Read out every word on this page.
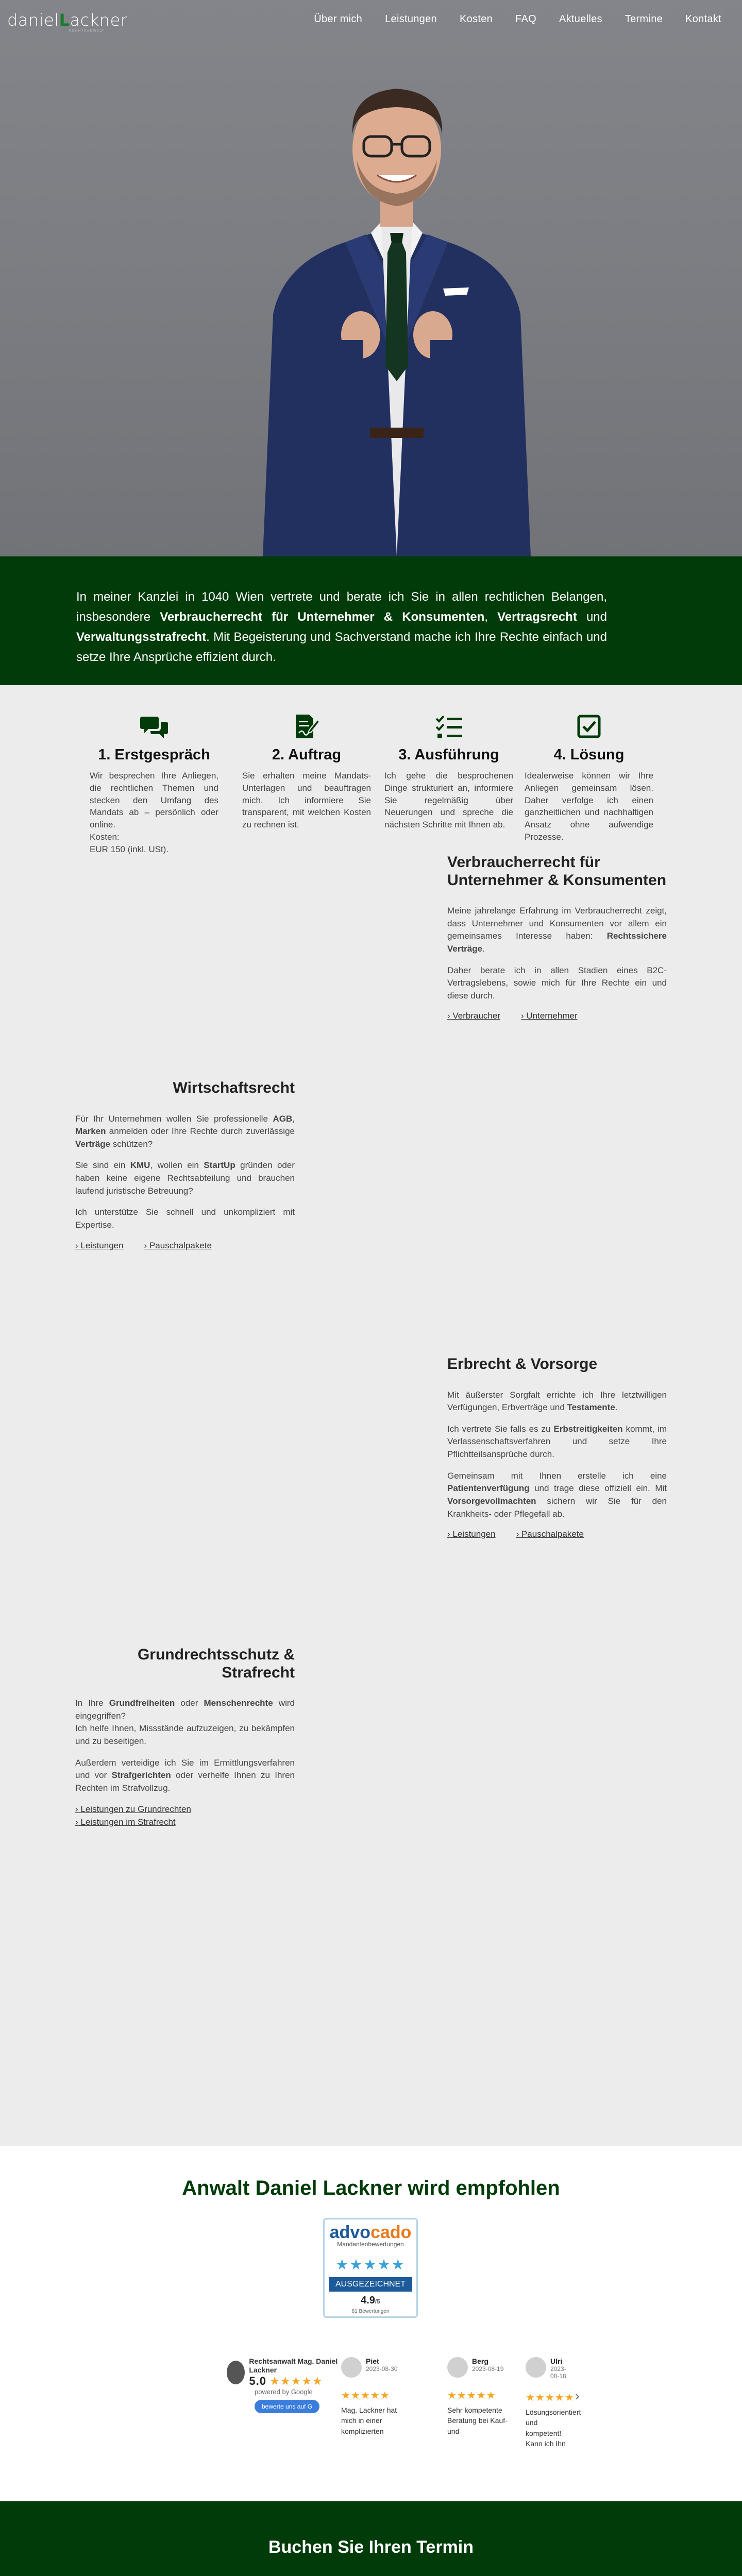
danielLackner
RECHTSANWALT
Über mich Leistungen Kosten FAQ Aktuelles Termine Kontakt

In meiner Kanzlei in 1040 Wien vertrete und berate ich Sie in allen rechtlichen Belangen, insbesondere Verbraucherrecht für Unternehmer & Konsumenten, Vertragsrecht und Verwaltungsstrafrecht. Mit Begeisterung und Sachverstand mache ich Ihre Rechte einfach und setze Ihre Ansprüche effizient durch.

1. Erstgespräch

Wir besprechen Ihre Anliegen, die rechtlichen Themen und stecken den Umfang des Mandats ab – persönlich oder online.
Kosten:
EUR 150 (inkl. USt).

2. Auftrag

Sie erhalten meine Mandats-Unterlagen und beauftragen mich. Ich informiere Sie transparent, mit welchen Kosten zu rechnen ist.

3. Ausführung

Ich gehe die besprochenen Dinge strukturiert an, informiere Sie regelmäßig über Neuerungen und spreche die nächsten Schritte mit Ihnen ab.

4. Lösung

Idealerweise können wir Ihre Anliegen gemeinsam lösen. Daher verfolge ich einen ganzheitlichen und nachhaltigen Ansatz ohne aufwendige Prozesse.

Verbraucherrecht für Unternehmer & Konsumenten

Meine jahrelange Erfahrung im Verbraucherrecht zeigt, dass Unternehmer und Konsumenten vor allem ein gemeinsames Interesse haben: Rechtssichere Verträge.

Daher berate ich in allen Stadien eines B2C-Vertragslebens, sowie mich für Ihre Rechte ein und diese durch.

› Verbraucher › Unternehmer
Wirtschaftsrecht

Für Ihr Unternehmen wollen Sie professionelle AGB, Marken anmelden oder Ihre Rechte durch zuverlässige Verträge schützen?

Sie sind ein KMU, wollen ein StartUp gründen oder haben keine eigene Rechtsabteilung und brauchen laufend juristische Betreuung?

Ich unterstütze Sie schnell und unkompliziert mit Expertise.

› Leistungen › Pauschalpakete
Erbrecht & Vorsorge

Mit äußerster Sorgfalt errichte ich Ihre letztwilligen Verfügungen, Erbverträge und Testamente.

Ich vertrete Sie falls es zu Erbstreitigkeiten kommt, im Verlassenschaftsverfahren und setze Ihre Pflichtteilsansprüche durch.

Gemeinsam mit Ihnen erstelle ich eine Patientenverfügung und trage diese offiziell ein. Mit Vorsorgevollmachten sichern wir Sie für den Krankheits- oder Pflegefall ab.

› Leistungen › Pauschalpakete
Grundrechtsschutz & Strafrecht

In Ihre Grundfreiheiten oder Menschenrechte wird eingegriffen?
Ich helfe Ihnen, Missstände aufzuzeigen, zu bekämpfen und zu beseitigen.

Außerdem verteidige ich Sie im Ermittlungsverfahren und vor Strafgerichten oder verhelfe Ihnen zu Ihren Rechten im Strafvollzug.

› Leistungen zu Grundrechten
› Leistungen im Strafrecht
Anwalt Daniel Lackner wird empfohlen
advocado
Mandantenbewertungen
★★★★★
AUSGEZEICHNET
4.9/5
81 Bewertungen
Rechtsanwalt Mag. Daniel Lackner
5.0 ★★★★★
powered by Google
bewerte uns auf G
Piet
2023-08-30
★★★★★
Mag. Lackner hat mich in einer komplizierten
Berg
2023-08-19
★★★★★
Sehr kompetente Beratung bei Kauf- und
Ulri
2023-08-18
★★★★★
Lösungsorientiert und kompetent! Kann ich Ihn
›
Buchen Sie Ihren Termin
